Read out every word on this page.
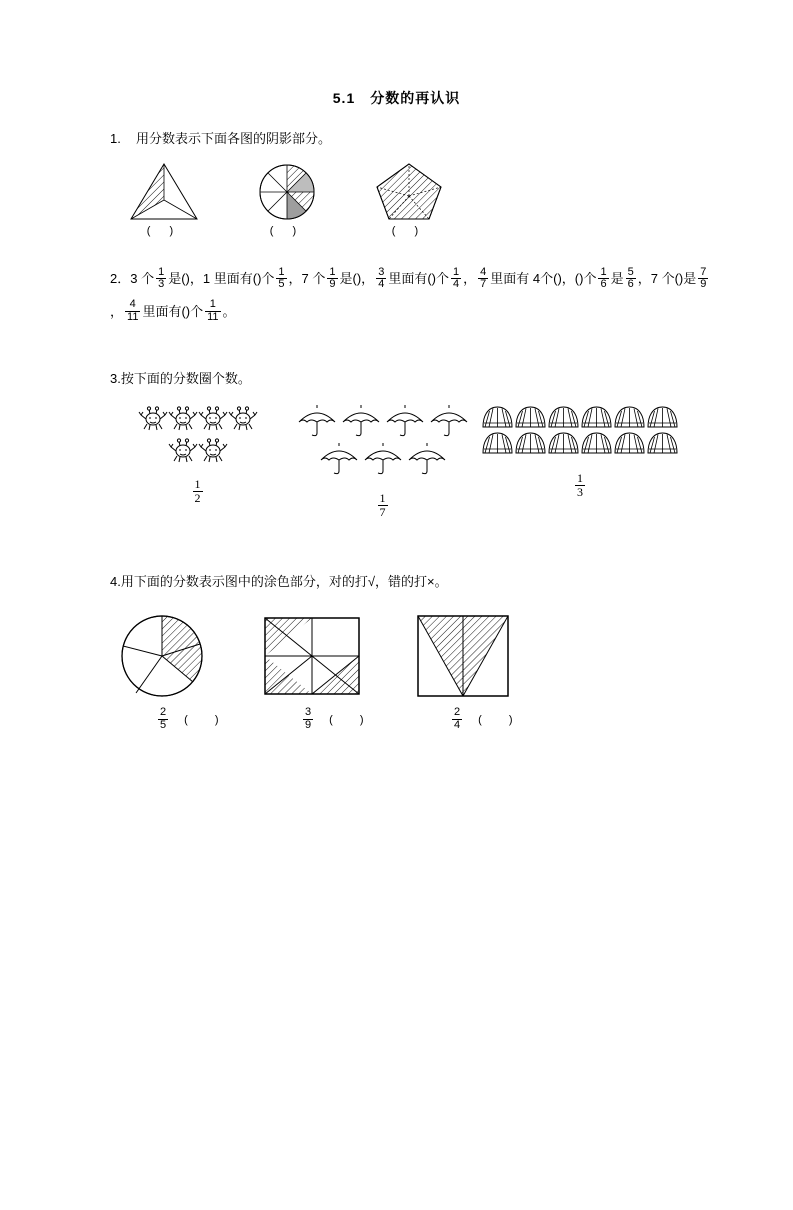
5.1　分数的再认识
1. 用分数表示下面各图的阴影部分。
( )	( )	( )
2．3 个 $\frac{1}{3}$ 是()，1 里面有()个 $\frac{1}{5}$ ，7 个 $\frac{1}{9}$ 是()， $\frac{3}{4}$ 里面有()个 $\frac{1}{4}$ ， $\frac{4}{7}$ 里面有 4个()，()个 $\frac{1}{6}$ 是 $\frac{5}{6}$ ，7 个()是 $\frac{7}{9}$
， $\frac{4}{11}$ 里面有()个 $\frac{1}{11}$ 。
3.按下面的分数圈个数。
$\frac{1}{2}$
$\frac{1}{7}$
$\frac{1}{3}$
4.用下面的分数表示图中的涂色部分，对的打√，错的打×。
$\frac{2}{5}$ ( )	$\frac{3}{9}$ ( )	$\frac{2}{4}$ ( )
